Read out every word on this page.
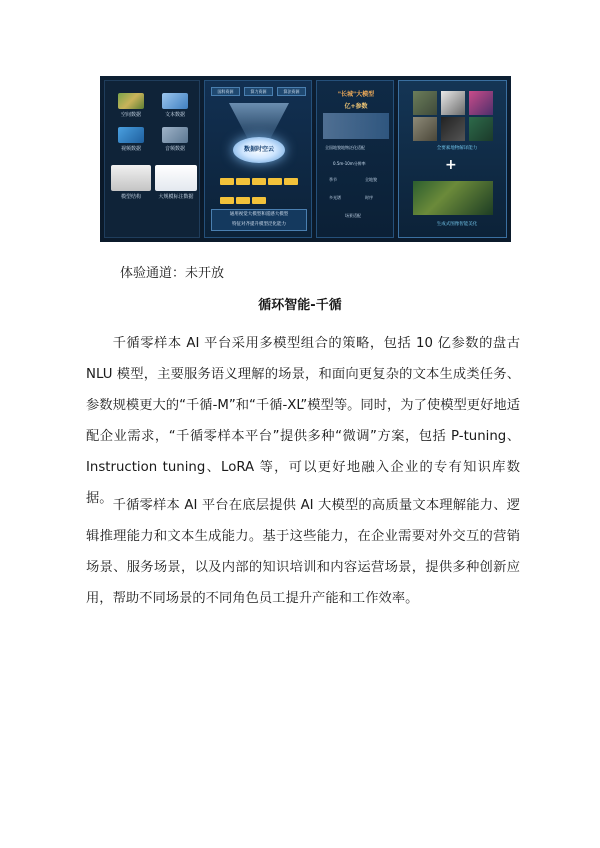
空间数据	文本数据
视频数据	音频数据
模型结构	大规模标注数据
国科资源	算力资源	算法资源
数据时空云
通用视觉大模型和遥感大模型
特征对齐提升模型泛化能力
"长城"大模型
亿+参数
全国地貌地物泛化适配
0.5m-10m分辨率
季节	全地貌
多光谱	时序
场景适配
全要素地物解译能力
+
生成式图像智能美化
体验通道：未开放
循环智能-千循

千循零样本 AI 平台采用多模型组合的策略，包括 10 亿参数的盘古 NLU 模型，主要服务语义理解的场景，和面向更复杂的文本生成类任务、参数规模更大的“千循-M”和“千循-XL”模型等。同时，为了使模型更好地适配企业需求，“千循零样本平台”提供多种“微调”方案，包括 P-tuning、Instruction tuning、LoRA 等，可以更好地融入企业的专有知识库数据。 千循零样本 AI 平台在底层提供 AI 大模型的高质量文本理解能力、逻辑推理能力和文本生成能力。基于这些能力，在企业需要对外交互的营销场景、服务场景，以及内部的知识培训和内容运营场景，提供多种创新应用，帮助不同场景的不同角色员工提升产能和工作效率。
